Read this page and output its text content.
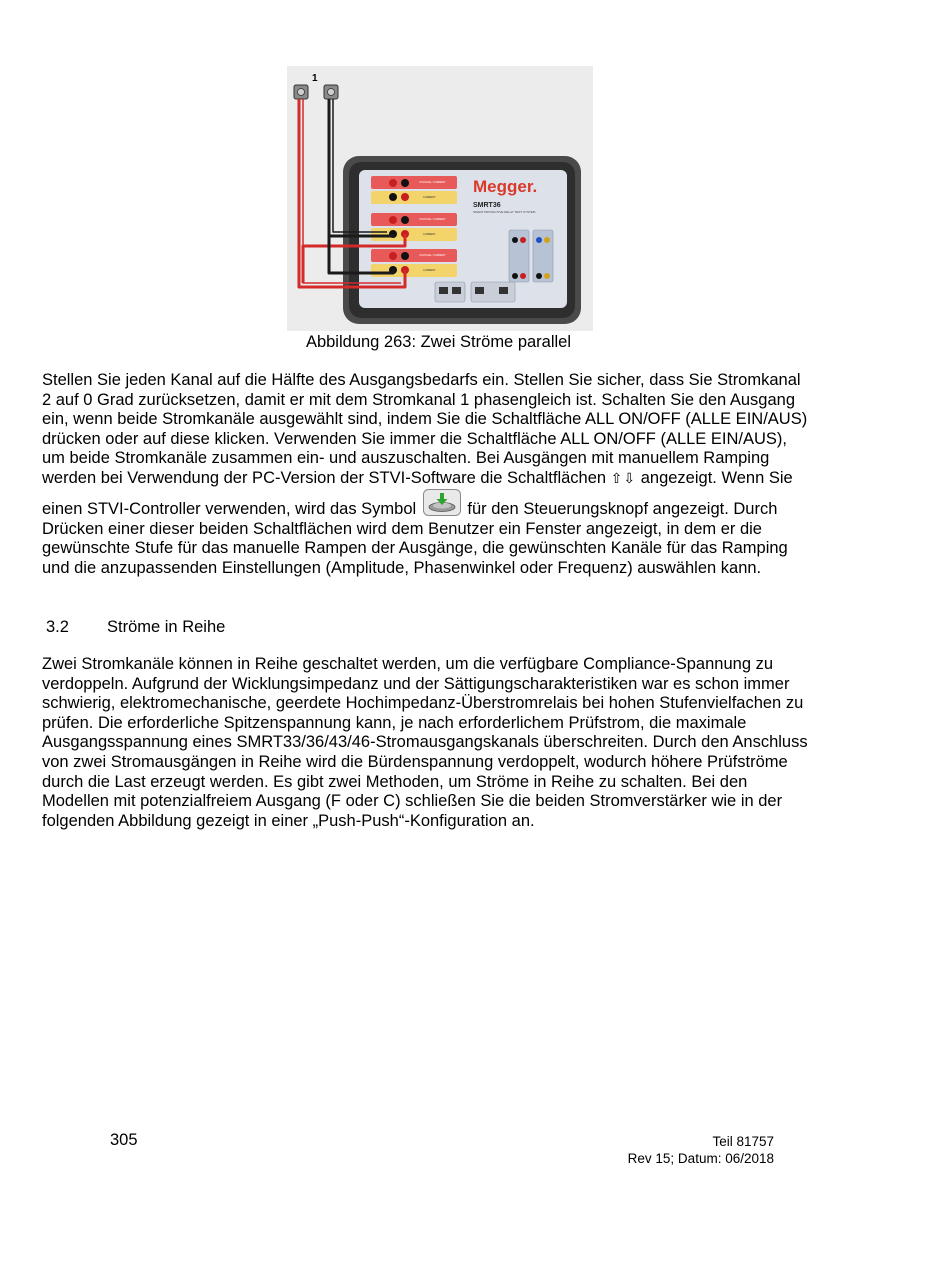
1
Megger.
SMRT36
SMART PROTECTIVE RELAY TEST SYSTEM
VOLTAGE / CURRENT
CURRENT
VOLTAGE / CURRENT
CURRENT
VOLTAGE / CURRENT
CURRENT
Abbildung 263: Zwei Ströme parallel
Stellen Sie jeden Kanal auf die Hälfte des Ausgangsbedarfs ein. Stellen Sie sicher, dass Sie Stromkanal
2 auf 0 Grad zurücksetzen, damit er mit dem Stromkanal 1 phasengleich ist. Schalten Sie den Ausgang
ein, wenn beide Stromkanäle ausgewählt sind, indem Sie die Schaltfläche ALL ON/OFF (ALLE EIN/AUS)
drücken oder auf diese klicken. Verwenden Sie immer die Schaltfläche ALL ON/OFF (ALLE EIN/AUS),
um beide Stromkanäle zusammen ein- und auszuschalten. Bei Ausgängen mit manuellem Ramping
werden bei Verwendung der PC-Version der STVI-Software die Schaltflächen ⇧⇩ angezeigt. Wenn Sie
einen STVI-Controller verwenden, wird das Symbol	für den Steuerungsknopf angezeigt. Durch
Drücken einer dieser beiden Schaltflächen wird dem Benutzer ein Fenster angezeigt, in dem er die
gewünschte Stufe für das manuelle Rampen der Ausgänge, die gewünschten Kanäle für das Ramping
und die anzupassenden Einstellungen (Amplitude, Phasenwinkel oder Frequenz) auswählen kann.
3.2 Ströme in Reihe
Zwei Stromkanäle können in Reihe geschaltet werden, um die verfügbare Compliance-Spannung zu
verdoppeln. Aufgrund der Wicklungsimpedanz und der Sättigungscharakteristiken war es schon immer
schwierig, elektromechanische, geerdete Hochimpedanz-Überstromrelais bei hohen Stufenvielfachen zu
prüfen. Die erforderliche Spitzenspannung kann, je nach erforderlichem Prüfstrom, die maximale
Ausgangsspannung eines SMRT33/36/43/46-Stromausgangskanals überschreiten. Durch den Anschluss
von zwei Stromausgängen in Reihe wird die Bürdenspannung verdoppelt, wodurch höhere Prüfströme
durch die Last erzeugt werden. Es gibt zwei Methoden, um Ströme in Reihe zu schalten. Bei den
Modellen mit potenzialfreiem Ausgang (F oder C) schließen Sie die beiden Stromverstärker wie in der
folgenden Abbildung gezeigt in einer „Push-Push“-Konfiguration an.
305	Teil 81757
Rev 15; Datum: 06/2018
